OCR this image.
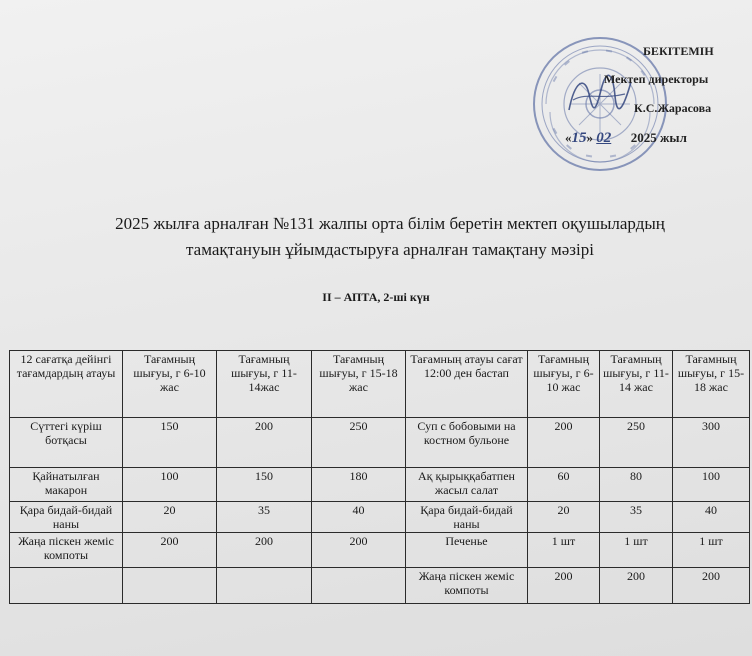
БЕКІТЕМІН
Мектеп директоры
К.С.Жарасова
«15» 02 2025 жыл
2025 жылға арналған №131 жалпы орта білім беретін мектеп оқушылардың
тамақтануын ұйымдастыруға арналған тамақтану мәзірі
ІІ – АПТА, 2-ші күн
12 сағатқа дейінгі тағамдардың атауы	Тағамның шығуы, г 6-10 жас	Тағамның шығуы, г 11-14жас	Тағамның шығуы, г 15-18 жас	Тағамның атауы сағат 12:00 ден бастап	Тағамның шығуы, г 6-10 жас	Тағамның шығуы, г 11-14 жас	Тағамның шығуы, г 15-18 жас
Сүттегі күріш ботқасы	150	200	250	Суп с бобовыми на костном бульоне	200	250	300
Қайнатылған макарон	100	150	180	Ақ қырыққабатпен жасыл салат	60	80	100
Қара бидай-бидай наны	20	35	40	Қара бидай-бидай наны	20	35	40
Жаңа піскен жеміс компоты	200	200	200	Печенье	1 шт	1 шт	1 шт
				Жаңа піскен жеміс компоты	200	200	200
